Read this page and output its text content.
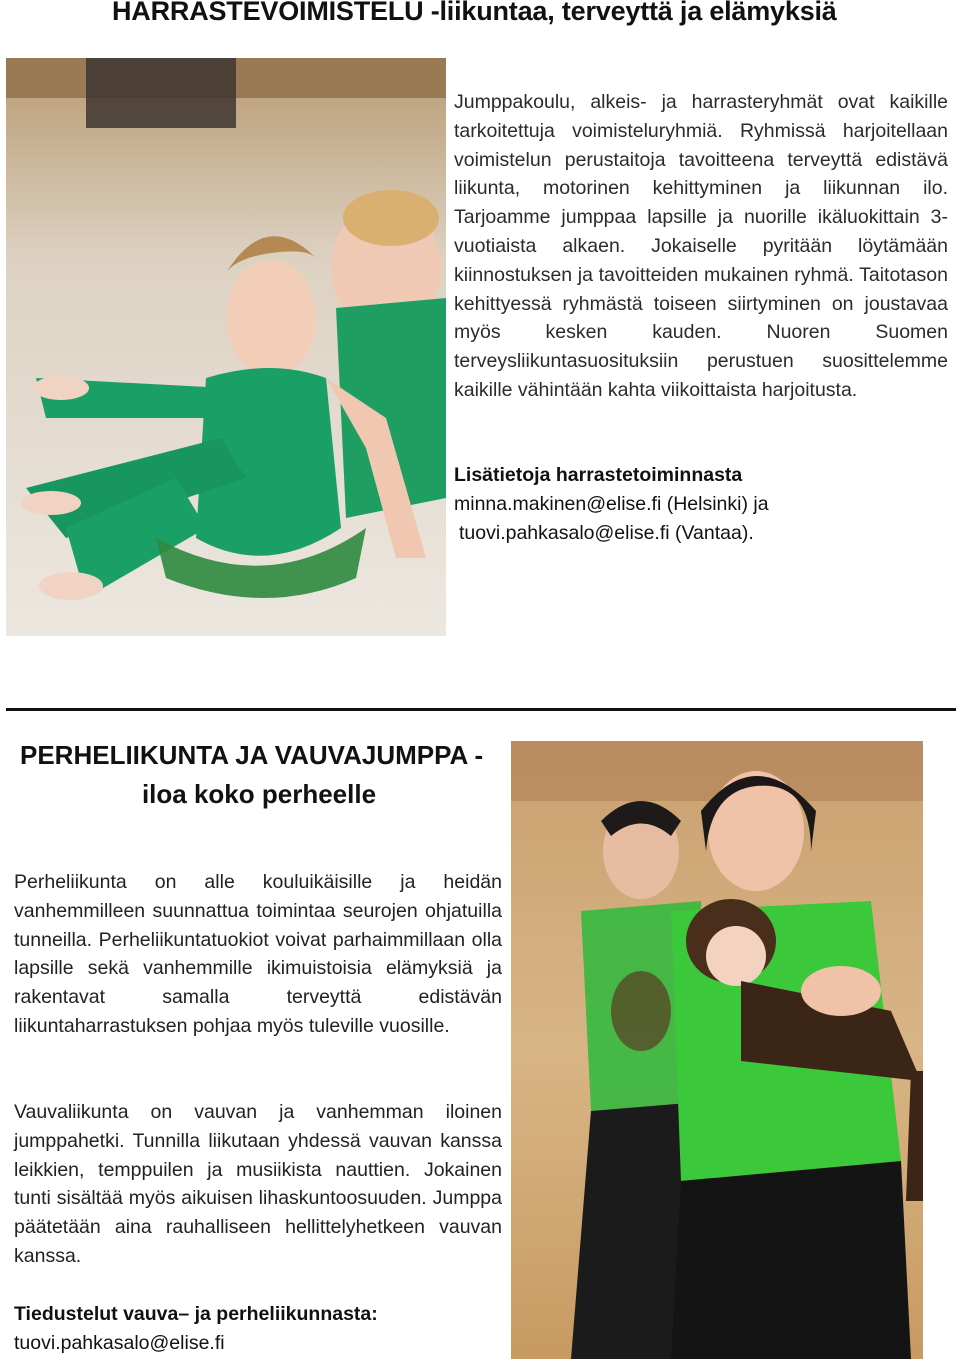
HARRASTEVOIMISTELU -liikuntaa, terveyttä ja elämyksiä

Jumppakoulu, alkeis- ja harrasteryhmät ovat kaikille tarkoitettuja voimisteluryhmiä. Ryhmissä harjoitellaan voimistelun perustaitoja tavoitteena terveyttä edistävä liikunta, motorinen kehittyminen ja liikunnan ilo. Tarjoamme jumppaa lapsille ja nuorille ikäluokittain 3-vuotiaista alkaen. Jokaiselle pyritään löytämään kiinnostuksen ja tavoitteiden mukainen ryhmä. Taitotason kehittyessä ryhmästä toiseen siirtyminen on joustavaa myös kesken kauden. Nuoren Suomen terveysliikuntasuosituksiin perustuen suosittelemme kaikille vähintään kahta viikoittaista harjoitusta.

Lisätietoja harrastetoiminnasta
minna.makinen@elise.fi (Helsinki) ja
tuovi.pahkasalo@elise.fi (Vantaa).
PERHELIIKUNTA JA VAUVAJUMPPA -
iloa koko perheelle

Perheliikunta on alle kouluikäisille ja heidän vanhemmilleen suunnattua toimintaa seurojen ohjatuilla tunneilla. Perheliikuntatuokiot voivat parhaimmillaan olla lapsille sekä vanhemmille ikimuistoisia elämyksiä ja rakentavat samalla terveyttä edistävän liikuntaharrastuksen pohjaa myös tuleville vuosille.

Vauvaliikunta on vauvan ja vanhemman iloinen jumppahetki. Tunnilla liikutaan yhdessä vauvan kanssa leikkien, temppuilen ja musiikista nauttien. Jokainen tunti sisältää myös aikuisen lihaskuntoosuuden. Jumppa päätetään aina rauhalliseen hellittelyhetkeen vauvan kanssa.

Tiedustelut vauva– ja perheliikunnasta:
tuovi.pahkasalo@elise.fi
